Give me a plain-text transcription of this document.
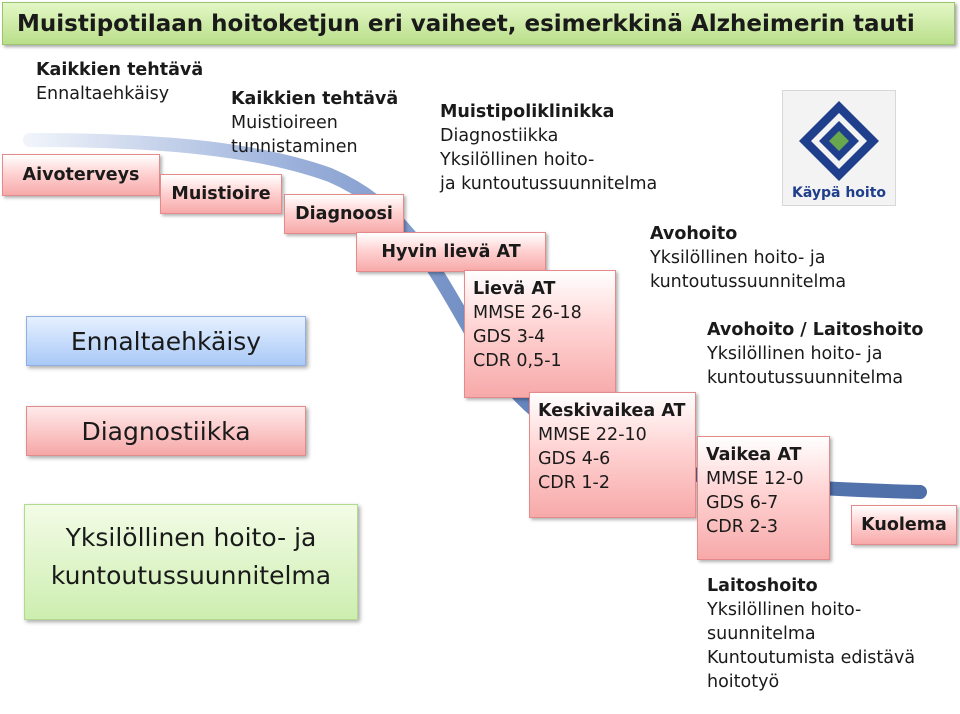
Muistipotilaan hoitoketjun eri vaiheet, esimerkkinä Alzheimerin tauti
Kaikkien tehtävä
Ennaltaehkäisy	Kaikkien tehtävä
Muistioireen
tunnistaminen
Muistipoliklinikka
Diagnostiikka
Yksilöllinen hoito-
ja kuntoutussuunnitelma
Avohoito
Yksilöllinen hoito- ja
kuntoutussuunnitelma
Avohoito / Laitoshoito
Yksilöllinen hoito- ja
kuntoutussuunnitelma
Laitoshoito
Yksilöllinen hoito-
suunnitelma
Kuntoutumista edistävä
hoitotyö
Aivoterveys
Muistioire
Diagnoosi
Hyvin lievä AT
Lievä AT
MMSE 26-18
GDS 3-4
CDR 0,5-1
Keskivaikea AT
MMSE 22-10
GDS 4-6
CDR 1-2
Vaikea AT
MMSE 12-0
GDS 6-7
CDR 2-3	Kuolema
Ennaltaehkäisy
Diagnostiikka
Yksilöllinen hoito- ja
kuntoutussuunnitelma
Käypä hoito
